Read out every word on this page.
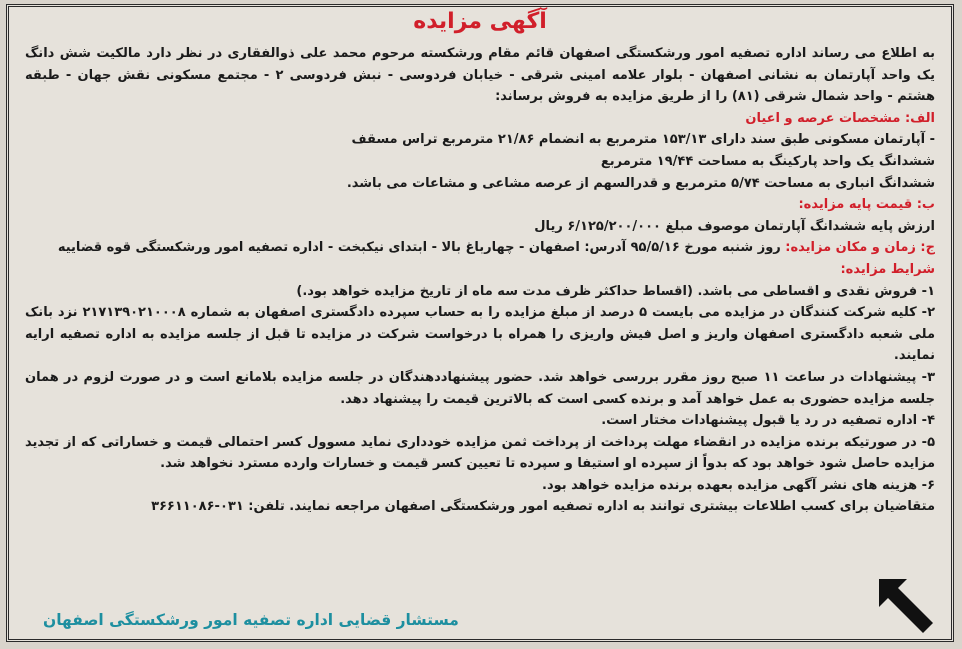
آگهی مزایده

به اطلاع می رساند اداره تصفیه امور ورشکستگی اصفهان قائم مقام ورشکسته مرحوم محمد علی ذوالفقاری در نظر دارد مالکیت شش دانگ یک واحد آپارتمان به نشانی اصفهان - بلوار علامه امینی شرقی - خیابان فردوسی - نبش فردوسی ۲ - مجتمع مسکونی نقش جهان - طبقه هشتم - واحد شمال شرقی (۸۱) را از طریق مزایده به فروش برساند:

الف: مشخصات عرصه و اعیان

- آپارتمان مسکونی طبق سند دارای ۱۵۳/۱۳ مترمربع به انضمام ۲۱/۸۶ مترمربع تراس مسقف

ششدانگ یک واحد پارکینگ به مساحت ۱۹/۴۴ مترمربع

ششدانگ انباری به مساحت ۵/۷۴ مترمربع و قدرالسهم از عرصه مشاعی و مشاعات می باشد.

ب: قیمت پایه مزایده:

ارزش پایه ششدانگ آپارتمان موصوف مبلغ ۶/۱۲۵/۲۰۰/۰۰۰ ریال

ج: زمان و مکان مزایده: روز شنبه مورخ ۹۵/۵/۱۶ آدرس: اصفهان - چهارباغ بالا - ابتدای نیکبخت - اداره تصفیه امور ورشکستگی قوه قضاییه

شرایط مزایده:

۱- فروش نقدی و اقساطی می باشد. (اقساط حداکثر ظرف مدت سه ماه از تاریخ مزایده خواهد بود.)

۲- کلیه شرکت کنندگان در مزایده می بایست ۵ درصد از مبلغ مزایده را به حساب سپرده دادگستری اصفهان به شماره ۲۱۷۱۳۹۰۲۱۰۰۰۸ نزد بانک ملی شعبه دادگستری اصفهان واریز و اصل فیش واریزی را همراه با درخواست شرکت در مزایده تا قبل از جلسه مزایده به اداره تصفیه ارایه نمایند.

۳- پیشنهادات در ساعت ۱۱ صبح روز مقرر بررسی خواهد شد. حضور پیشنهاددهندگان در جلسه مزایده بلامانع است و در صورت لزوم در همان جلسه مزایده حضوری به عمل خواهد آمد و برنده کسی است که بالاترین قیمت را پیشنهاد دهد.

۴- اداره تصفیه در رد یا قبول پیشنهادات مختار است.

۵- در صورتیکه برنده مزایده در انقضاء مهلت پرداخت از پرداخت ثمن مزایده خودداری نماید مسوول کسر احتمالی قیمت و خساراتی که از تجدید مزایده حاصل شود خواهد بود که بدواً از سپرده او استیفا و سپرده تا تعیین کسر قیمت و خسارات وارده مسترد نخواهد شد.

۶- هزینه های نشر آگهی مزایده بعهده برنده مزایده خواهد بود.

متقاضیان برای کسب اطلاعات بیشتری توانند به اداره تصفیه امور ورشکستگی اصفهان مراجعه نمایند. تلفن: ۰۳۱-۳۶۶۱۱۰۸۶

مستشار قضایی اداره تصفیه امور ورشکستگی اصفهان
